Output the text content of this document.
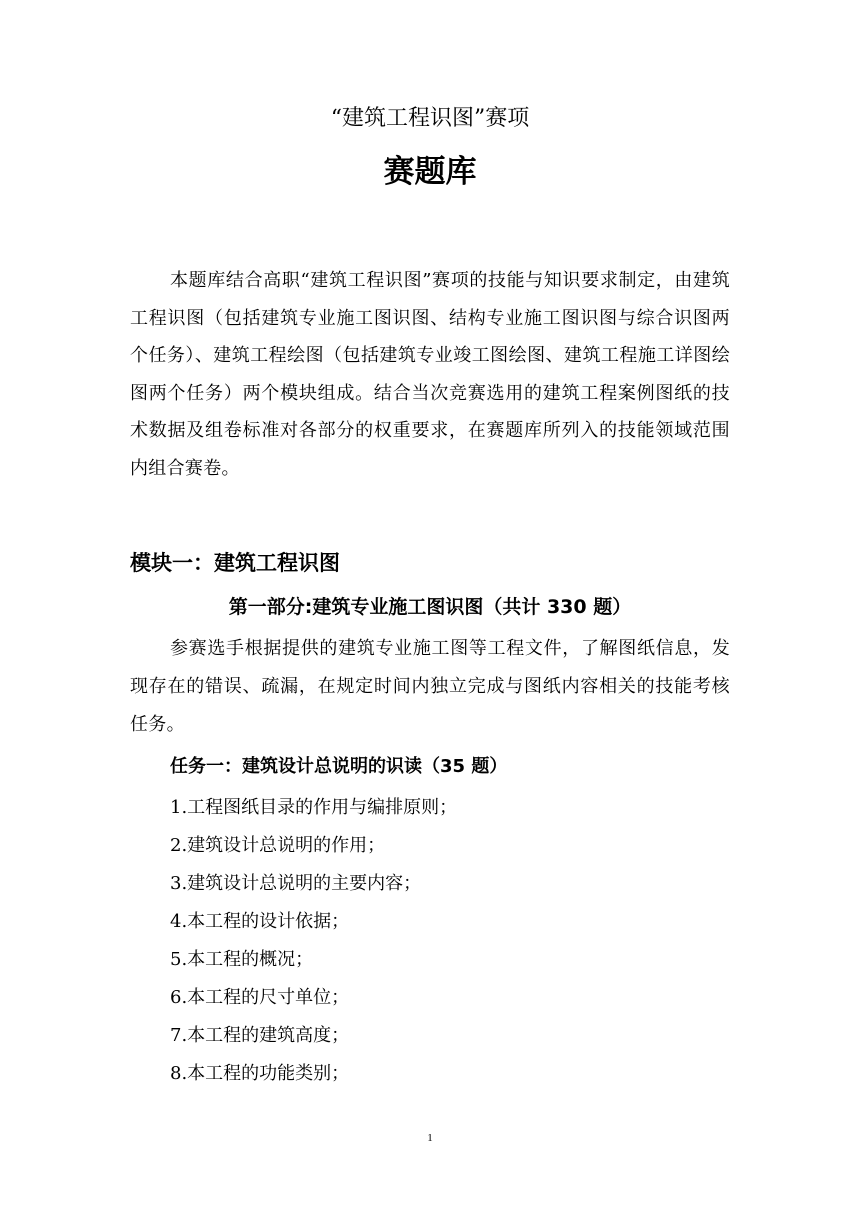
“建筑工程识图”赛项
赛题库

本题库结合高职“建筑工程识图”赛项的技能与知识要求制定，由建筑工程识图（包括建筑专业施工图识图、结构专业施工图识图与综合识图两个任务）、建筑工程绘图（包括建筑专业竣工图绘图、建筑工程施工详图绘图两个任务）两个模块组成。结合当次竞赛选用的建筑工程案例图纸的技术数据及组卷标准对各部分的权重要求，在赛题库所列入的技能领域范围内组合赛卷。

模块一：建筑工程识图
第一部分:建筑专业施工图识图（共计 330 题）

参赛选手根据提供的建筑专业施工图等工程文件，了解图纸信息，发现存在的错误、疏漏，在规定时间内独立完成与图纸内容相关的技能考核任务。

任务一：建筑设计总说明的识读（35 题）
1.工程图纸目录的作用与编排原则；
2.建筑设计总说明的作用；
3.建筑设计总说明的主要内容；
4.本工程的设计依据；
5.本工程的概况；
6.本工程的尺寸单位；
7.本工程的建筑高度；
8.本工程的功能类别；
1
